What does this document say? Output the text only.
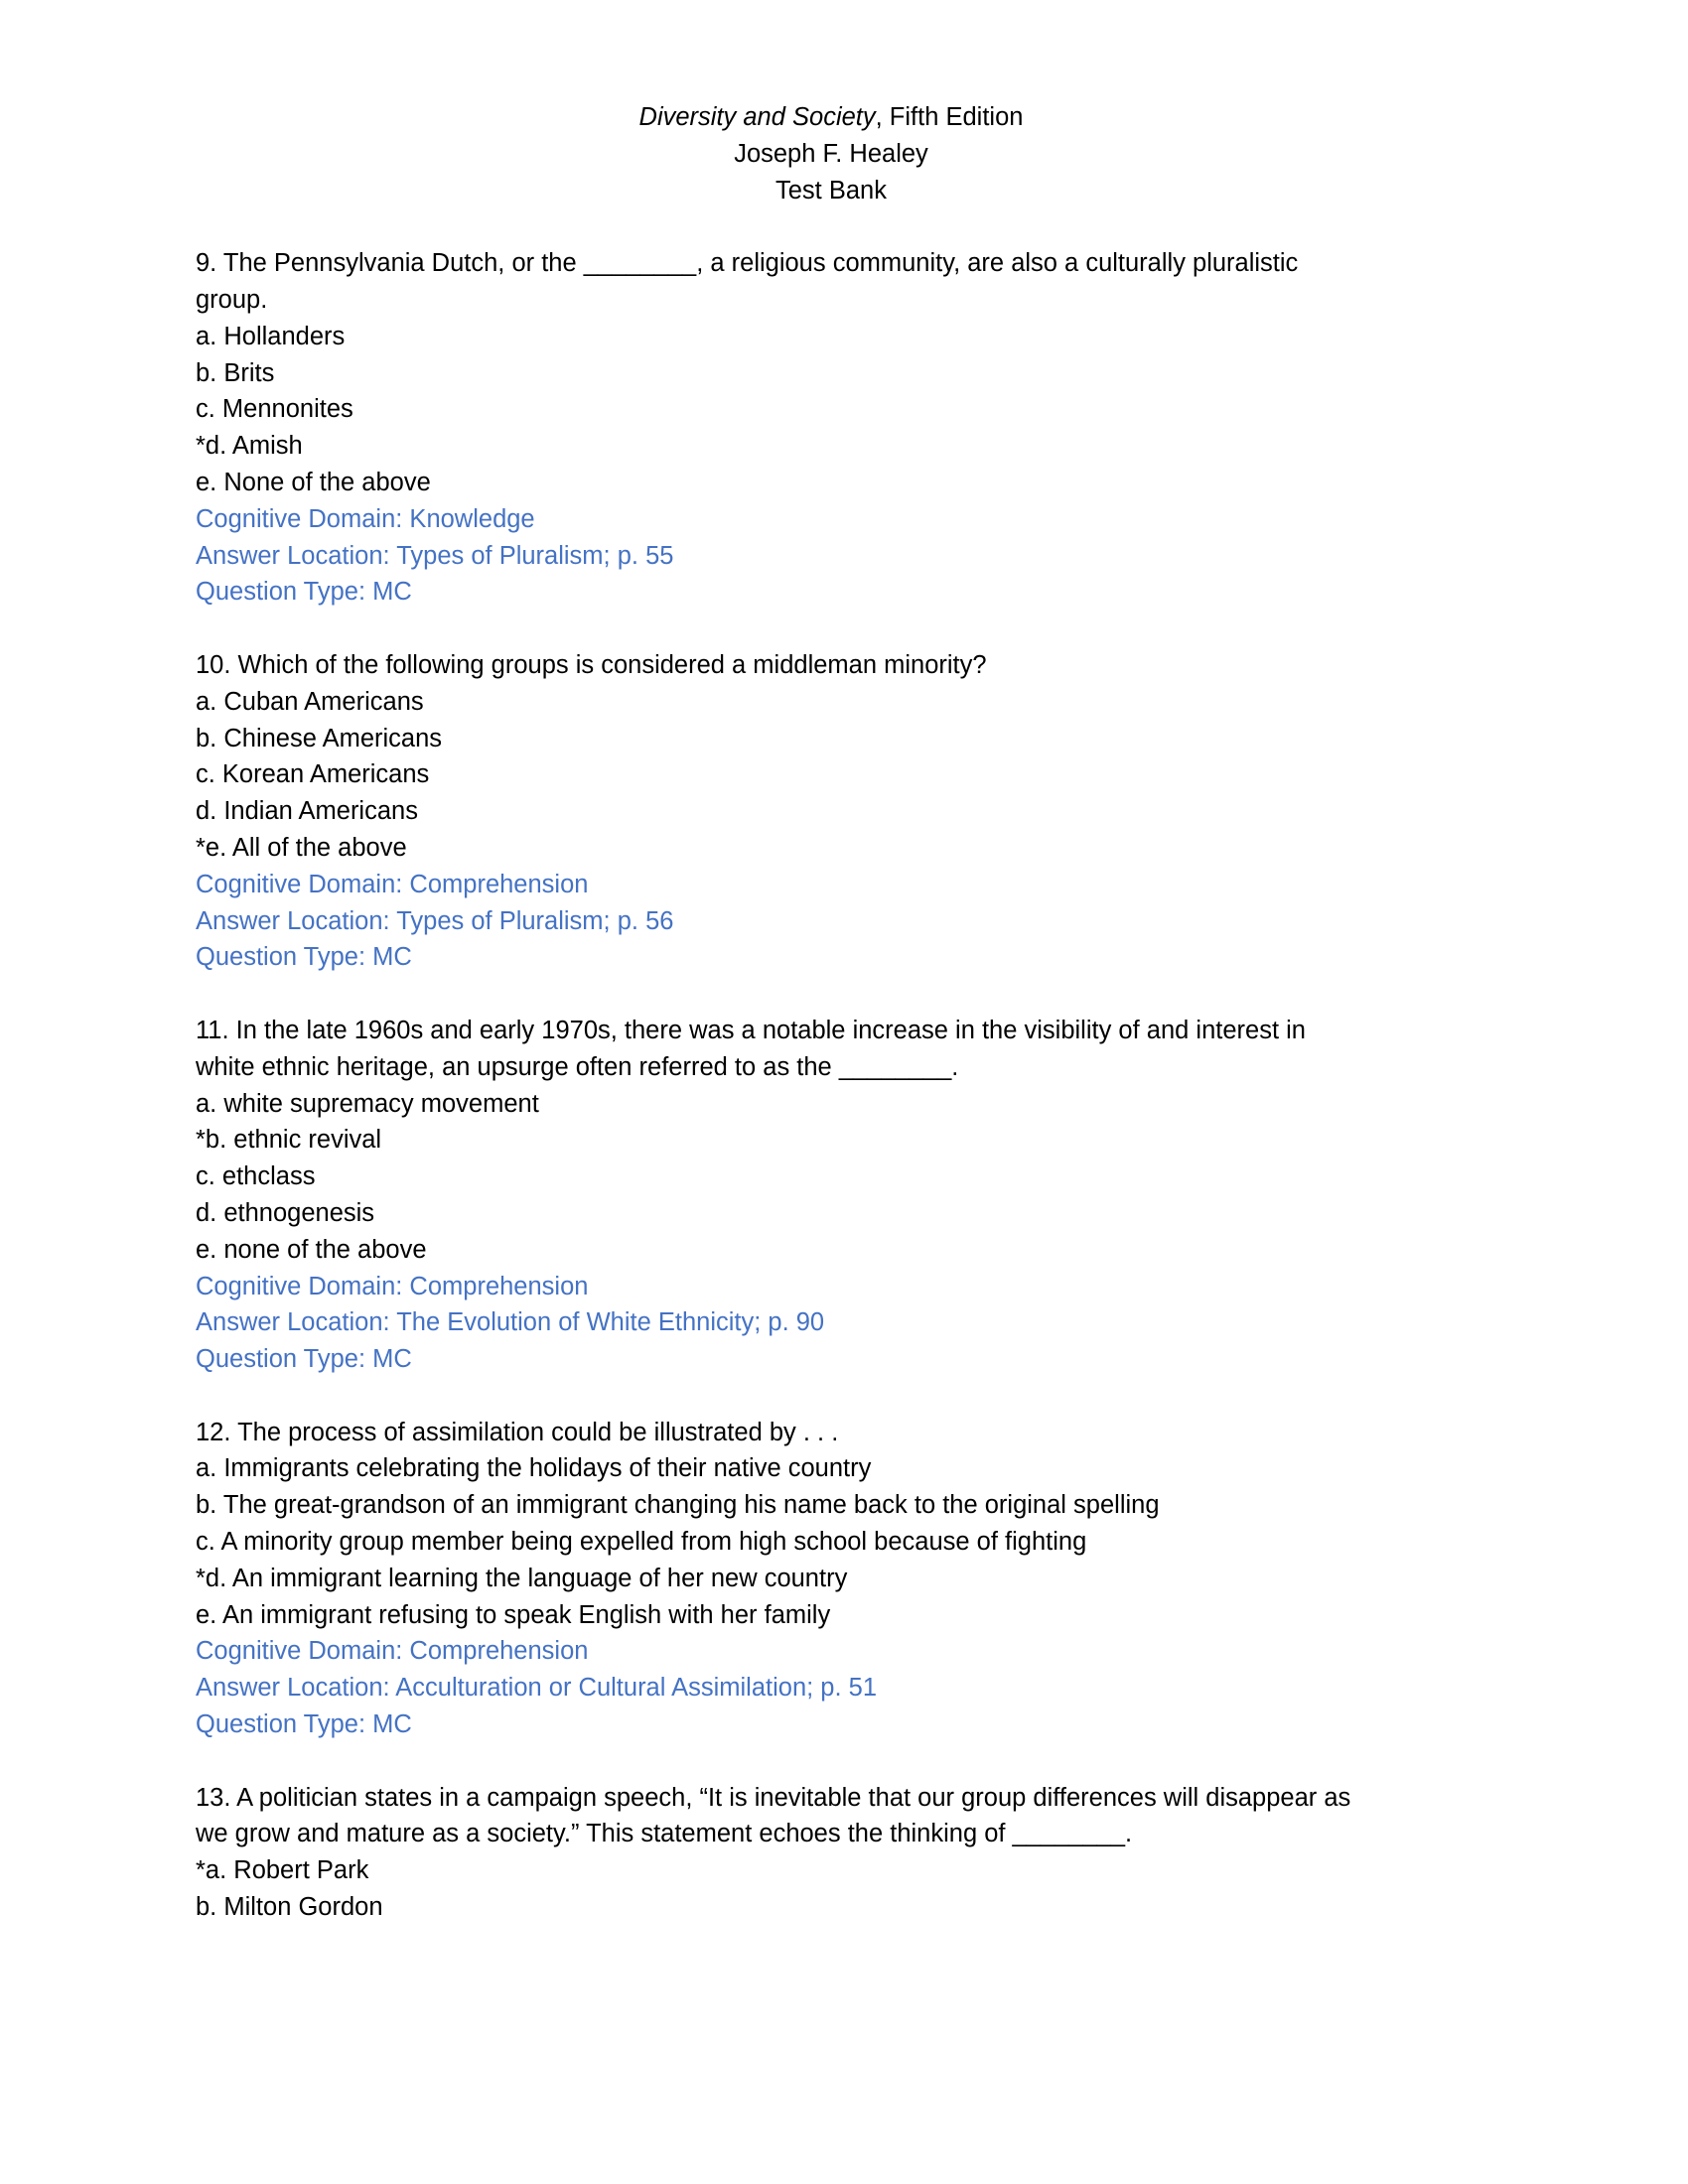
Diversity and Society, Fifth Edition
Joseph F. Healey
Test Bank
9. The Pennsylvania Dutch, or the ________, a religious community, are also a culturally pluralistic
group.
a. Hollanders
b. Brits
c. Mennonites
*d. Amish
e. None of the above
Cognitive Domain: Knowledge
Answer Location: Types of Pluralism; p. 55
Question Type: MC
10. Which of the following groups is considered a middleman minority?
a. Cuban Americans
b. Chinese Americans
c. Korean Americans
d. Indian Americans
*e. All of the above
Cognitive Domain: Comprehension
Answer Location: Types of Pluralism; p. 56
Question Type: MC
11. In the late 1960s and early 1970s, there was a notable increase in the visibility of and interest in
white ethnic heritage, an upsurge often referred to as the ________.
a. white supremacy movement
*b. ethnic revival
c. ethclass
d. ethnogenesis
e. none of the above
Cognitive Domain: Comprehension
Answer Location: The Evolution of White Ethnicity; p. 90
Question Type: MC
12. The process of assimilation could be illustrated by . . .
a. Immigrants celebrating the holidays of their native country
b. The great-grandson of an immigrant changing his name back to the original spelling
c. A minority group member being expelled from high school because of fighting
*d. An immigrant learning the language of her new country
e. An immigrant refusing to speak English with her family
Cognitive Domain: Comprehension
Answer Location: Acculturation or Cultural Assimilation; p. 51
Question Type: MC
13. A politician states in a campaign speech, “It is inevitable that our group differences will disappear as
we grow and mature as a society.” This statement echoes the thinking of ________.
*a. Robert Park
b. Milton Gordon
